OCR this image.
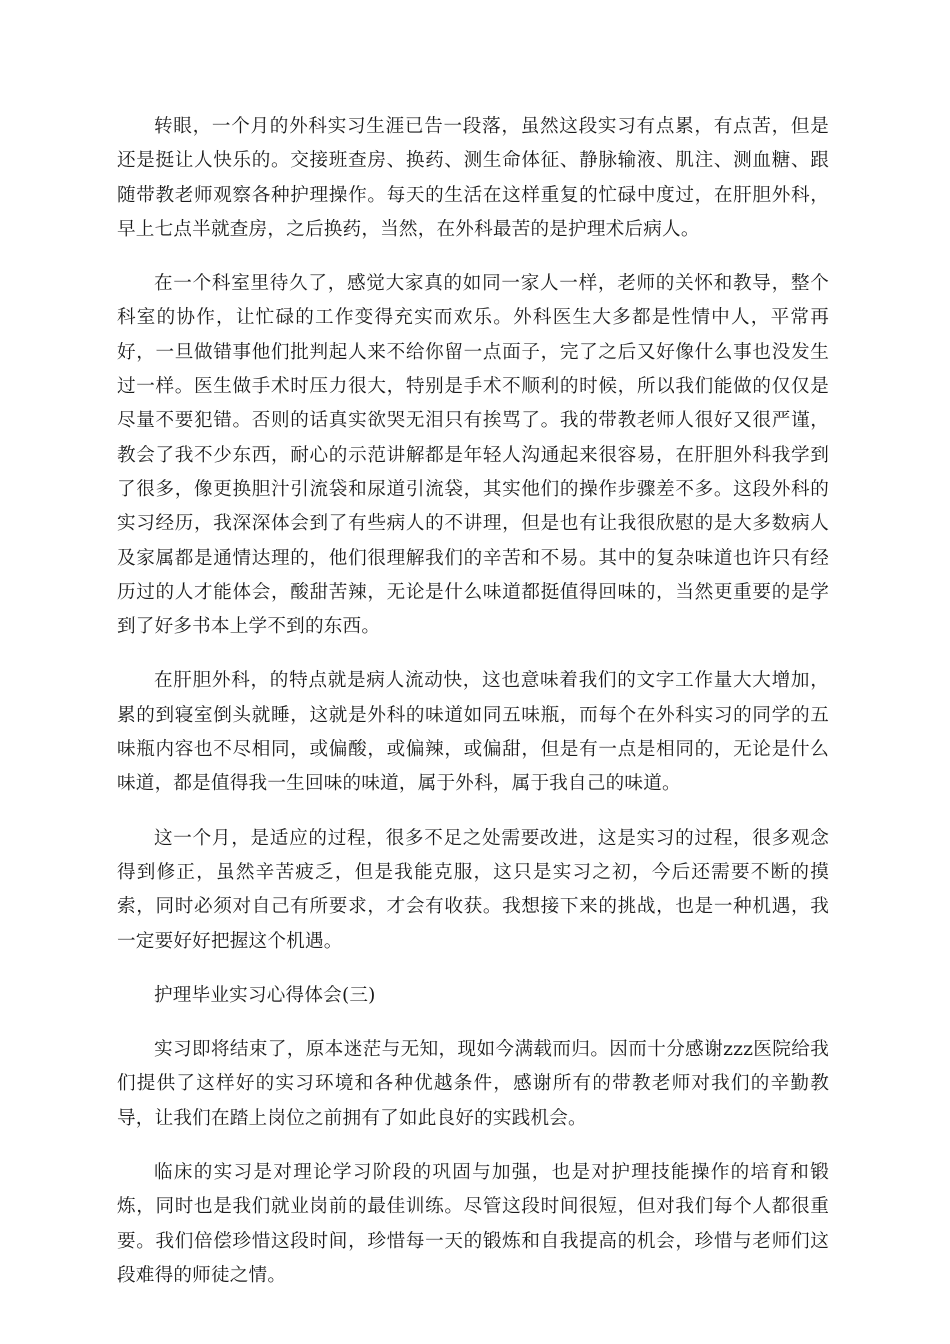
转眼，一个月的外科实习生涯已告一段落，虽然这段实习有点累，有点苦，但是还是挺让人快乐的。交接班查房、换药、测生命体征、静脉输液、肌注、测血糖、跟随带教老师观察各种护理操作。每天的生活在这样重复的忙碌中度过，在肝胆外科，早上七点半就查房，之后换药，当然，在外科最苦的是护理术后病人。

在一个科室里待久了，感觉大家真的如同一家人一样，老师的关怀和教导，整个科室的协作，让忙碌的工作变得充实而欢乐。外科医生大多都是性情中人，平常再好，一旦做错事他们批判起人来不给你留一点面子，完了之后又好像什么事也没发生过一样。医生做手术时压力很大，特别是手术不顺利的时候，所以我们能做的仅仅是尽量不要犯错。否则的话真实欲哭无泪只有挨骂了。我的带教老师人很好又很严谨，教会了我不少东西，耐心的示范讲解都是年轻人沟通起来很容易，在肝胆外科我学到了很多，像更换胆汁引流袋和尿道引流袋，其实他们的操作步骤差不多。这段外科的实习经历，我深深体会到了有些病人的不讲理，但是也有让我很欣慰的是大多数病人及家属都是通情达理的，他们很理解我们的辛苦和不易。其中的复杂味道也许只有经历过的人才能体会，酸甜苦辣，无论是什么味道都挺值得回味的，当然更重要的是学到了好多书本上学不到的东西。

在肝胆外科，的特点就是病人流动快，这也意味着我们的文字工作量大大增加，累的到寝室倒头就睡，这就是外科的味道如同五味瓶，而每个在外科实习的同学的五味瓶内容也不尽相同，或偏酸，或偏辣，或偏甜，但是有一点是相同的，无论是什么味道，都是值得我一生回味的味道，属于外科，属于我自己的味道。

这一个月，是适应的过程，很多不足之处需要改进，这是实习的过程，很多观念得到修正，虽然辛苦疲乏，但是我能克服，这只是实习之初，今后还需要不断的摸索，同时必须对自己有所要求，才会有收获。我想接下来的挑战，也是一种机遇，我一定要好好把握这个机遇。

护理毕业实习心得体会(三)

实习即将结束了，原本迷茫与无知，现如今满载而归。因而十分感谢zzz医院给我们提供了这样好的实习环境和各种优越条件，感谢所有的带教老师对我们的辛勤教导，让我们在踏上岗位之前拥有了如此良好的实践机会。

临床的实习是对理论学习阶段的巩固与加强，也是对护理技能操作的培育和锻炼，同时也是我们就业岗前的最佳训练。尽管这段时间很短，但对我们每个人都很重要。我们倍偿珍惜这段时间，珍惜每一天的锻炼和自我提高的机会，珍惜与老师们这段难得的师徒之情。
